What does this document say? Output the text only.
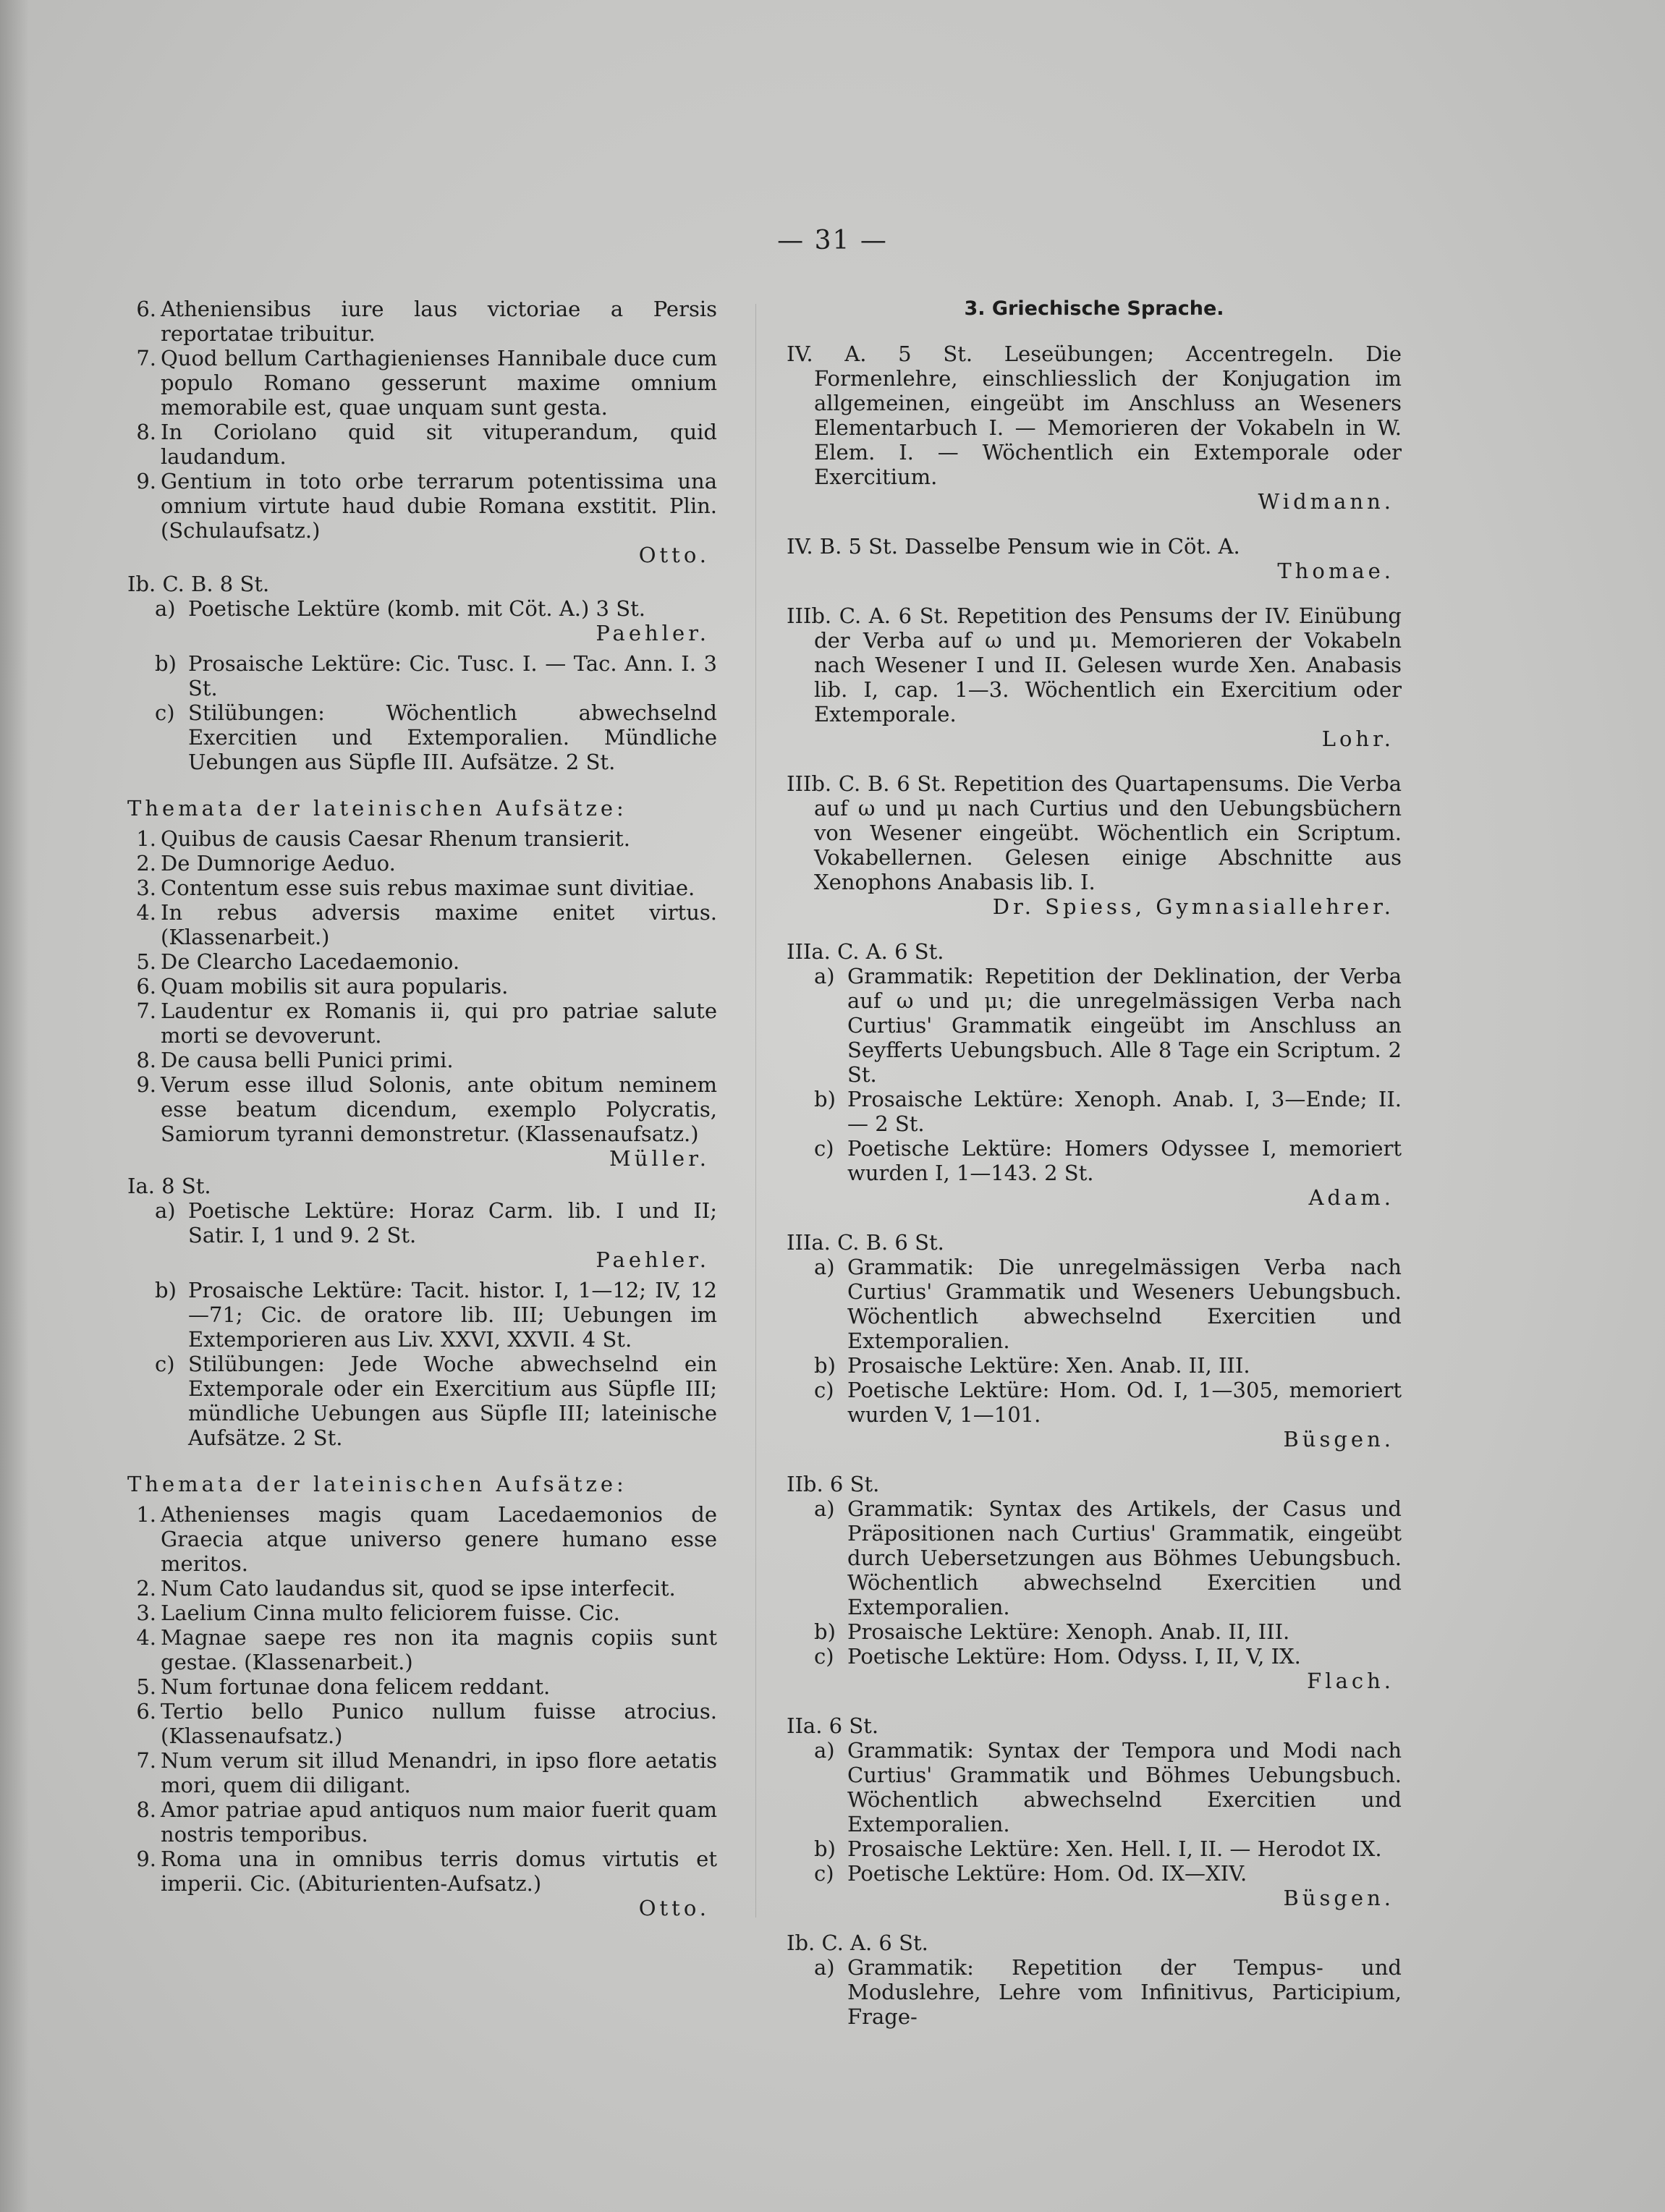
— 31 —
6. Atheniensibus iure laus victoriae a Persis reportatae tribuitur.
7. Quod bellum Carthagienienses Hannibale duce cum populo Romano gesserunt maxime omnium memorabile est, quae unquam sunt gesta.
8. In Coriolano quid sit vituperandum, quid laudandum.
9. Gentium in toto orbe terrarum potentissima una omnium virtute haud dubie Romana exstitit. Plin. (Schulaufsatz.)
Otto.
Ib. C. B. 8 St.
a) Poetische Lektüre (komb. mit Cöt. A.) 3 St.
Paehler.
b) Prosaische Lektüre: Cic. Tusc. I. — Tac. Ann. I. 3 St.
c) Stilübungen: Wöchentlich abwechselnd Exercitien und Extemporalien. Mündliche Uebungen aus Süpfle III. Aufsätze. 2 St.
Themata der lateinischen Aufsätze:
1. Quibus de causis Caesar Rhenum transierit.
2. De Dumnorige Aeduo.
3. Contentum esse suis rebus maximae sunt divitiae.
4. In rebus adversis maxime enitet virtus. (Klassenarbeit.)
5. De Clearcho Lacedaemonio.
6. Quam mobilis sit aura popularis.
7. Laudentur ex Romanis ii, qui pro patriae salute morti se devoverunt.
8. De causa belli Punici primi.
9. Verum esse illud Solonis, ante obitum neminem esse beatum dicendum, exemplo Polycratis, Samiorum tyranni demonstretur. (Klassenaufsatz.)
Müller.
Ia. 8 St.
a) Poetische Lektüre: Horaz Carm. lib. I und II; Satir. I, 1 und 9. 2 St.
Paehler.
b) Prosaische Lektüre: Tacit. histor. I, 1—12; IV, 12—71; Cic. de oratore lib. III; Uebungen im Extemporieren aus Liv. XXVI, XXVII. 4 St.
c) Stilübungen: Jede Woche abwechselnd ein Extemporale oder ein Exercitium aus Süpfle III; mündliche Uebungen aus Süpfle III; lateinische Aufsätze. 2 St.
Themata der lateinischen Aufsätze:
1. Athenienses magis quam Lacedaemonios de Graecia atque universo genere humano esse meritos.
2. Num Cato laudandus sit, quod se ipse interfecit.
3. Laelium Cinna multo feliciorem fuisse. Cic.
4. Magnae saepe res non ita magnis copiis sunt gestae. (Klassenarbeit.)
5. Num fortunae dona felicem reddant.
6. Tertio bello Punico nullum fuisse atrocius. (Klassenaufsatz.)
7. Num verum sit illud Menandri, in ipso flore aetatis mori, quem dii diligant.
8. Amor patriae apud antiquos num maior fuerit quam nostris temporibus.
9. Roma una in omnibus terris domus virtutis et imperii. Cic. (Abiturienten-Aufsatz.)
Otto.
3. Griechische Sprache.
IV. A. 5 St. Leseübungen; Accentregeln. Die Formenlehre, einschliesslich der Konjugation im allgemeinen, eingeübt im Anschluss an Weseners Elementarbuch I. — Memorieren der Vokabeln in W. Elem. I. — Wöchentlich ein Extemporale oder Exercitium.
Widmann.
IV. B. 5 St. Dasselbe Pensum wie in Cöt. A.
Thomae.
IIIb. C. A. 6 St. Repetition des Pensums der IV. Einübung der Verba auf ω und μι. Memorieren der Vokabeln nach Wesener I und II. Gelesen wurde Xen. Anabasis lib. I, cap. 1—3. Wöchentlich ein Exercitium oder Extemporale.
Lohr.
IIIb. C. B. 6 St. Repetition des Quartapensums. Die Verba auf ω und μι nach Curtius und den Uebungsbüchern von Wesener eingeübt. Wöchentlich ein Scriptum. Vokabellernen. Gelesen einige Abschnitte aus Xenophons Anabasis lib. I.
Dr. Spiess, Gymnasiallehrer.
IIIa. C. A. 6 St.
a) Grammatik: Repetition der Deklination, der Verba auf ω und μι; die unregelmässigen Verba nach Curtius' Grammatik eingeübt im Anschluss an Seyfferts Uebungsbuch. Alle 8 Tage ein Scriptum. 2 St.
b) Prosaische Lektüre: Xenoph. Anab. I, 3—Ende; II. — 2 St.
c) Poetische Lektüre: Homers Odyssee I, memoriert wurden I, 1—143. 2 St.
Adam.
IIIa. C. B. 6 St.
a) Grammatik: Die unregelmässigen Verba nach Curtius' Grammatik und Weseners Uebungsbuch. Wöchentlich abwechselnd Exercitien und Extemporalien.
b) Prosaische Lektüre: Xen. Anab. II, III.
c) Poetische Lektüre: Hom. Od. I, 1—305, memoriert wurden V, 1—101.
Büsgen.
IIb. 6 St.
a) Grammatik: Syntax des Artikels, der Casus und Präpositionen nach Curtius' Grammatik, eingeübt durch Uebersetzungen aus Böhmes Uebungsbuch. Wöchentlich abwechselnd Exercitien und Extemporalien.
b) Prosaische Lektüre: Xenoph. Anab. II, III.
c) Poetische Lektüre: Hom. Odyss. I, II, V, IX.
Flach.
IIa. 6 St.
a) Grammatik: Syntax der Tempora und Modi nach Curtius' Grammatik und Böhmes Uebungsbuch. Wöchentlich abwechselnd Exercitien und Extemporalien.
b) Prosaische Lektüre: Xen. Hell. I, II. — Herodot IX.
c) Poetische Lektüre: Hom. Od. IX—XIV.
Büsgen.
Ib. C. A. 6 St.
a) Grammatik: Repetition der Tempus- und Moduslehre, Lehre vom Infinitivus, Participium, Frage-
